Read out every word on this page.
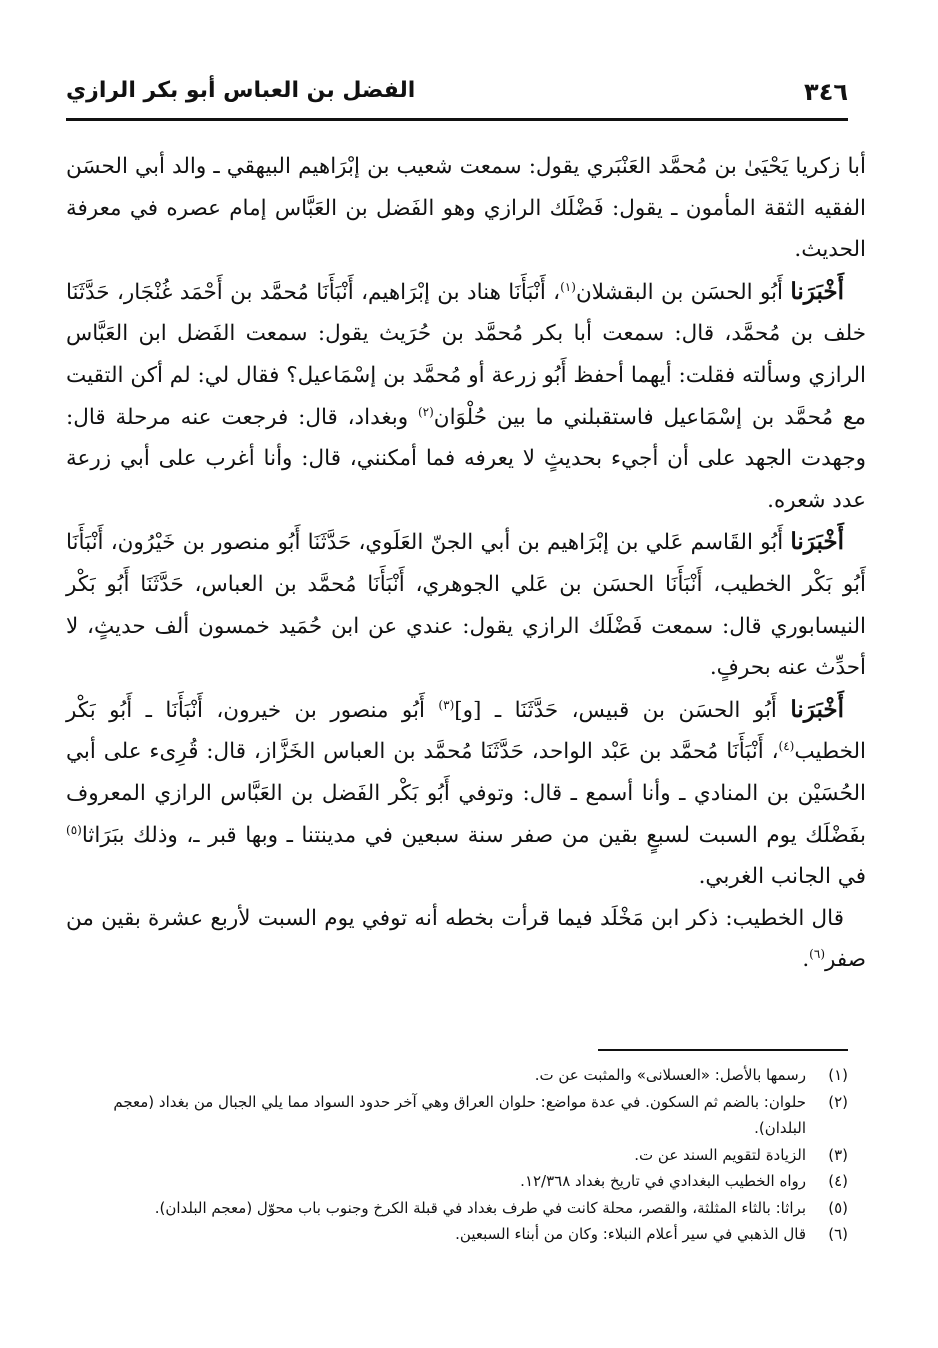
٣٤٦
الفضل بن العباس أبو بكر الرازي

أبا زكريا يَحْيَىٰ بن مُحمَّد العَنْبَري يقول: سمعت شعيب بن إبْرَاهيم البيهقي ـ والد أبي الحسَن الفقيه الثقة المأمون ـ يقول: فَضْلَك الرازي وهو الفَضل بن العَبَّاس إمام عصره في معرفة الحديث.

أَخْبَرَنا أَبُو الحسَن بن البقشلان$^{(١)}$، أَنْبَأَنَا هناد بن إبْرَاهيم، أَنْبَأَنَا مُحمَّد بن أَحْمَد غُنْجَار، حَدَّثَنَا خلف بن مُحمَّد، قال: سمعت أبا بكر مُحمَّد بن حُرَيث يقول: سمعت الفَضل ابن العَبَّاس الرازي وسألته فقلت: أيهما أحفظ أَبُو زرعة أو مُحمَّد بن إسْمَاعيل؟ فقال لي: لم أكن التقيت مع مُحمَّد بن إسْمَاعيل فاستقبلني ما بين حُلْوَان$^{(٢)}$ وبغداد، قال: فرجعت عنه مرحلة قال: وجهدت الجهد على أن أجيء بحديثٍ لا يعرفه فما أمكنني، قال: وأنا أغرب على أبي زرعة عدد شعره.

أَخْبَرَنا أَبُو القَاسم عَلي بن إبْرَاهيم بن أبي الجنّ العَلَوي، حَدَّثَنَا أَبُو منصور بن خَيْرُون، أَنْبَأَنَا أَبُو بَكْر الخطيب، أَنْبَأَنَا الحسَن بن عَلي الجوهري، أَنْبَأَنَا مُحمَّد بن العباس، حَدَّثَنَا أَبُو بَكْر النيسابوري قال: سمعت فَضْلَك الرازي يقول: عندي عن ابن حُمَيد خمسون ألف حديثٍ، لا أحدِّث عنه بحرفٍ.

أَخْبَرَنا أَبُو الحسَن بن قبيس، حَدَّثَنَا ـ [و]$^{(٣)}$ أَبُو منصور بن خيرون، أَنْبَأَنَا ـ أَبُو بَكْر الخطيب$^{(٤)}$، أَنْبَأَنَا مُحمَّد بن عَبْد الواحد، حَدَّثَنَا مُحمَّد بن العباس الخَزَّاز، قال: قُرِىء على أبي الحُسَيْن بن المنادي ـ وأنا أسمع ـ قال: وتوفي أَبُو بَكْر الفَضل بن العَبَّاس الرازي المعروف بفَضْلَك يوم السبت لسبعٍ بقين من صفر سنة سبعين في مدينتنا ـ وبها قبر ـ، وذلك ببَرَاثا$^{(٥)}$ في الجانب الغربي.

قال الخطيب: ذكر ابن مَخْلَد فيما قرأت بخطه أنه توفي يوم السبت لأربع عشرة بقين من صفر$^{(٦)}$.

(١)
رسمها بالأصل: «العسلانى» والمثبت عن ت.
(٢)
حلوان: بالضم ثم السكون. في عدة مواضع: حلوان العراق وهي آخر حدود السواد مما يلي الجبال من بغداد (معجم البلدان).
(٣)
الزيادة لتقويم السند عن ت.
(٤)
رواه الخطيب البغدادي في تاريخ بغداد ١٢/٣٦٨.
(٥)
براثا: بالثاء المثلثة، والقصر، محلة كانت في طرف بغداد في قبلة الكرخ وجنوب باب محوّل (معجم البلدان).
(٦)
قال الذهبي في سير أعلام النبلاء: وكان من أبناء السبعين.
